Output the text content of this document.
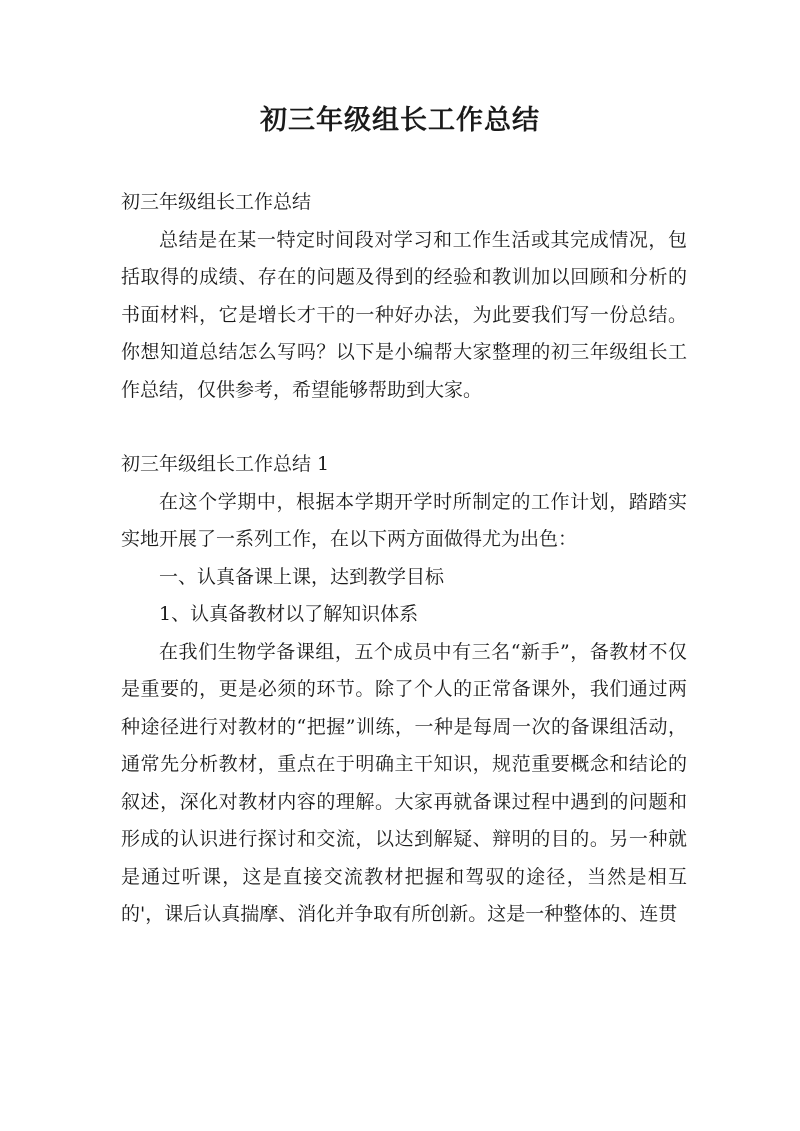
初三年级组长工作总结

初三年级组长工作总结

总结是在某一特定时间段对学习和工作生活或其完成情况，包括取得的成绩、存在的问题及得到的经验和教训加以回顾和分析的书面材料，它是增长才干的一种好办法，为此要我们写一份总结。你想知道总结怎么写吗？以下是小编帮大家整理的初三年级组长工作总结，仅供参考，希望能够帮助到大家。

初三年级组长工作总结 1

在这个学期中，根据本学期开学时所制定的工作计划，踏踏实实地开展了一系列工作，在以下两方面做得尤为出色：

一、认真备课上课，达到教学目标

1、认真备教材以了解知识体系

在我们生物学备课组，五个成员中有三名“新手”，备教材不仅是重要的，更是必须的环节。除了个人的正常备课外，我们通过两种途径进行对教材的“把握”训练，一种是每周一次的备课组活动，通常先分析教材，重点在于明确主干知识，规范重要概念和结论的叙述，深化对教材内容的理解。大家再就备课过程中遇到的问题和形成的认识进行探讨和交流，以达到解疑、辩明的目的。另一种就是通过听课，这是直接交流教材把握和驾驭的途径，当然是相互的'，课后认真揣摩、消化并争取有所创新。这是一种整体的、连贯
